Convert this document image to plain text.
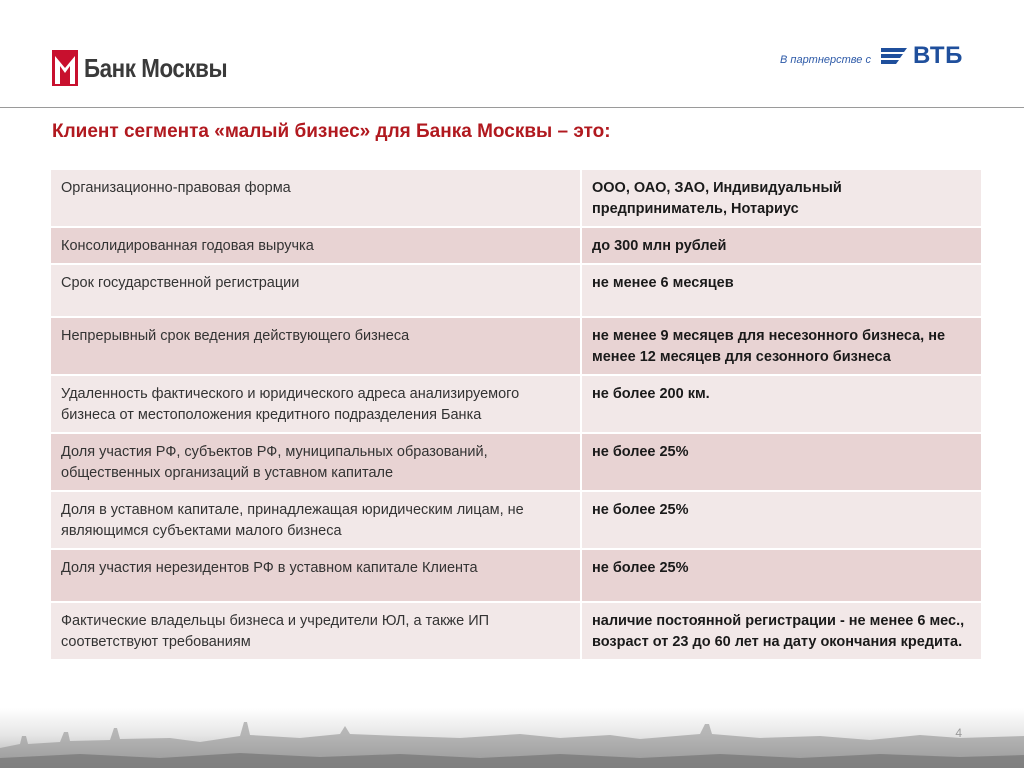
Банк Москвы	В партнерстве с ВТБ
Клиент сегмента «малый бизнес» для Банка Москвы – это:
Организационно-правовая форма	ООО, ОАО, ЗАО, Индивидуальный предприниматель, Нотариус
Консолидированная годовая выручка	до 300 млн рублей
Срок государственной регистрации	не менее 6 месяцев
Непрерывный срок ведения действующего бизнеса	не менее 9 месяцев для несезонного бизнеса, не менее 12 месяцев для сезонного бизнеса
Удаленность фактического и юридического адреса анализируемого бизнеса от местоположения кредитного подразделения Банка	не более 200 км.
Доля участия РФ, субъектов РФ, муниципальных образований, общественных организаций в уставном капитале	не более 25%
Доля в уставном капитале, принадлежащая юридическим лицам, не являющимся субъектами малого бизнеса	не более 25%
Доля участия нерезидентов РФ в уставном капитале Клиента	не более 25%
Фактические владельцы бизнеса и учредители ЮЛ, а также ИП соответствуют требованиям	наличие постоянной регистрации - не менее 6 мес., возраст от 23 до 60 лет на дату окончания кредита.
4
